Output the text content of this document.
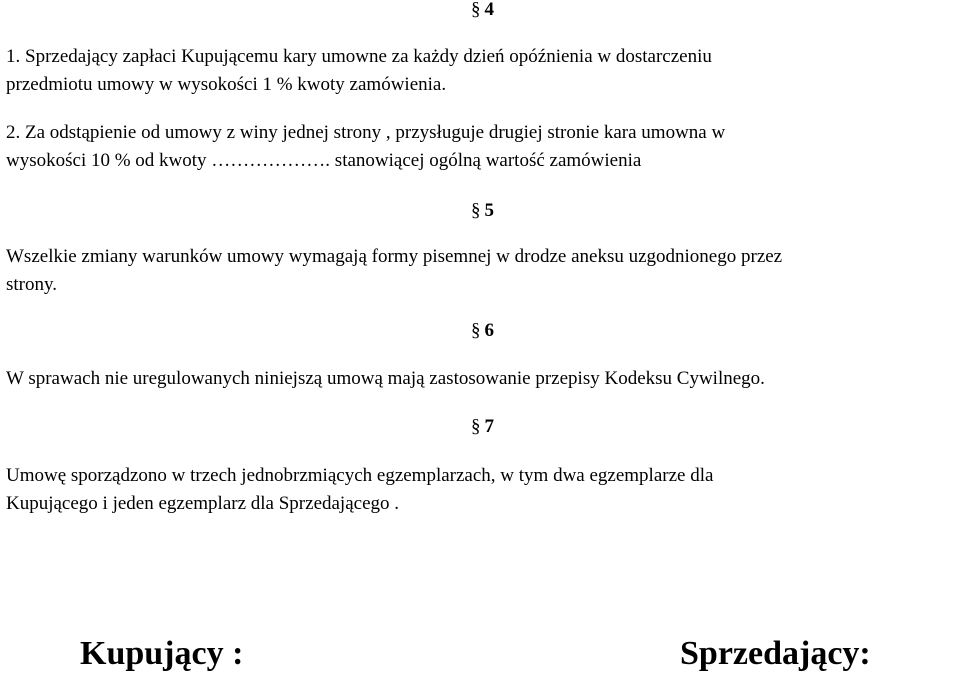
§ 4
1. Sprzedający zapłaci Kupującemu kary umowne za każdy dzień opóźnienia w dostarczeniu
przedmiotu umowy w wysokości 1 % kwoty zamówienia.
2. Za odstąpienie od umowy z winy jednej strony , przysługuje drugiej stronie kara umowna w
wysokości 10 % od kwoty ………………. stanowiącej ogólną wartość zamówienia
§ 5
Wszelkie zmiany warunków umowy wymagają formy pisemnej w drodze aneksu uzgodnionego przez
strony.
§ 6
W sprawach nie uregulowanych niniejszą umową mają zastosowanie przepisy Kodeksu Cywilnego.
§ 7
Umowę sporządzono w trzech jednobrzmiących egzemplarzach, w tym dwa egzemplarze dla
Kupującego i jeden egzemplarz dla Sprzedającego .
Kupujący :	Sprzedający:
